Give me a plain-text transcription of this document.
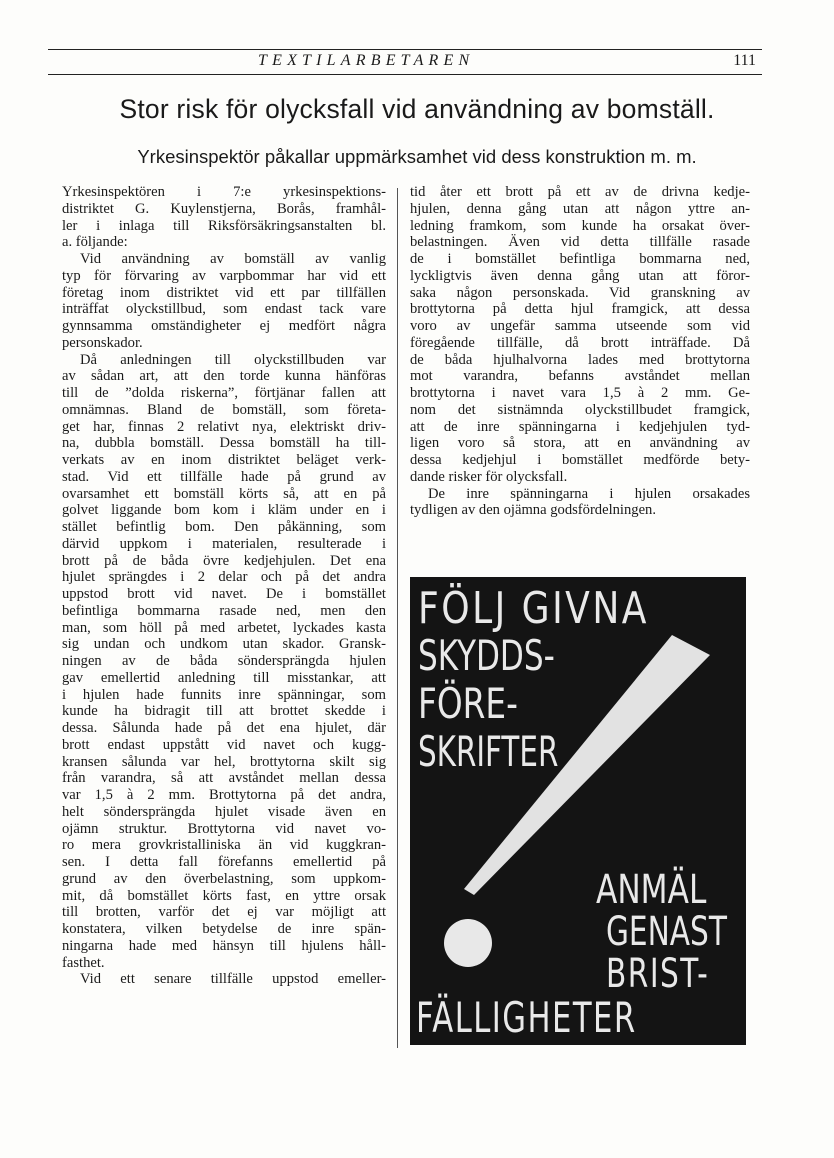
TEXTILARBETAREN	111
Stor risk för olycksfall vid användning av bomställ.
Yrkesinspektör påkallar uppmärksamhet vid dess konstruktion m. m.
Yrkesinspektören i 7:e yrkesinspektions-
distriktet G. Kuylenstjerna, Borås, framhål-
ler i inlaga till Riksförsäkringsanstalten bl.
a. följande:
Vid användning av bomställ av vanlig
typ för förvaring av varpbommar har vid ett
företag inom distriktet vid ett par tillfällen
inträffat olyckstillbud, som endast tack vare
gynnsamma omständigheter ej medfört några
personskador.
Då anledningen till olyckstillbuden var
av sådan art, att den torde kunna hänföras
till de ”dolda riskerna”, förtjänar fallen att
omnämnas. Bland de bomställ, som företa-
get har, finnas 2 relativt nya, elektriskt driv-
na, dubbla bomställ. Dessa bomställ ha till-
verkats av en inom distriktet beläget verk-
stad. Vid ett tillfälle hade på grund av
ovarsamhet ett bomställ körts så, att en på
golvet liggande bom kom i kläm under en i
stället befintlig bom. Den påkänning, som
därvid uppkom i materialen, resulterade i
brott på de båda övre kedjehjulen. Det ena
hjulet sprängdes i 2 delar och på det andra
uppstod brott vid navet. De i bomstället
befintliga bommarna rasade ned, men den
man, som höll på med arbetet, lyckades kasta
sig undan och undkom utan skador. Gransk-
ningen av de båda söndersprängda hjulen
gav emellertid anledning till misstankar, att
i hjulen hade funnits inre spänningar, som
kunde ha bidragit till att brottet skedde i
dessa. Sålunda hade på det ena hjulet, där
brott endast uppstått vid navet och kugg-
kransen sålunda var hel, brottytorna skilt sig
från varandra, så att avståndet mellan dessa
var 1,5 à 2 mm. Brottytorna på det andra,
helt söndersprängda hjulet visade även en
ojämn struktur. Brottytorna vid navet vo-
ro mera grovkristalliniska än vid kuggkran-
sen. I detta fall förefanns emellertid på
grund av den överbelastning, som uppkom-
mit, då bomstället körts fast, en yttre orsak
till brotten, varför det ej var möjligt att
konstatera, vilken betydelse de inre spän-
ningarna hade med hänsyn till hjulens håll-
fasthet.
Vid ett senare tillfälle uppstod emeller-
tid åter ett brott på ett av de drivna kedje-
hjulen, denna gång utan att någon yttre an-
ledning framkom, som kunde ha orsakat över-
belastningen. Även vid detta tillfälle rasade
de i bomstället befintliga bommarna ned,
lyckligtvis även denna gång utan att föror-
saka någon personskada. Vid granskning av
brottytorna på detta hjul framgick, att dessa
voro av ungefär samma utseende som vid
föregående tillfälle, då brott inträffade. Då
de båda hjulhalvorna lades med brottytorna
mot varandra, befanns avståndet mellan
brottytorna i navet vara 1,5 à 2 mm. Ge-
nom det sistnämnda olyckstillbudet framgick,
att de inre spänningarna i kedjehjulen tyd-
ligen voro så stora, att en användning av
dessa kedjehjul i bomstället medförde bety-
dande risker för olycksfall.
De inre spänningarna i hjulen orsakades
tydligen av den ojämna godsfördelningen.
FÖLJ GIVNA
SKYDDS-
FÖRE-
SKRIFTER
ANMÄL
GENAST
BRIST-
FÄLLIGHETER
